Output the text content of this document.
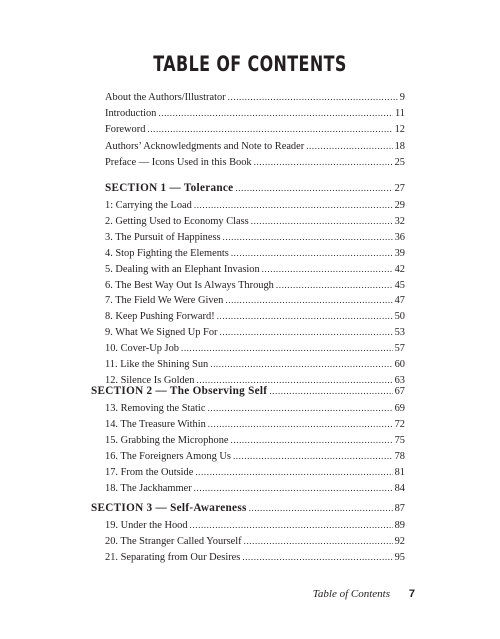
TABLE OF CONTENTS
About the Authors/Illustrator .....	9
Introduction .....	11
Foreword .....	12
Authors’ Acknowledgments and Note to Reader .....	18
Preface — Icons Used in this Book .....	25
SECTION 1 — Tolerance .....	27
1: Carrying the Load .....	29
2. Getting Used to Economy Class .....	32
3. The Pursuit of Happiness .....	36
4. Stop Fighting the Elements .....	39
5. Dealing with an Elephant Invasion .....	42
6. The Best Way Out Is Always Through .....	45
7. The Field We Were Given .....	47
8. Keep Pushing Forward! .....	50
9. What We Signed Up For .....	53
10. Cover-Up Job .....	57
11. Like the Shining Sun .....	60
12. Silence Is Golden .....	63
SECTION 2 — The Observing Self .....	67
13. Removing the Static .....	69
14. The Treasure Within .....	72
15. Grabbing the Microphone .....	75
16. The Foreigners Among Us .....	78
17. From the Outside .....	81
18. The Jackhammer .....	84
SECTION 3 — Self-Awareness .....	87
19. Under the Hood .....	89
20. The Stranger Called Yourself .....	92
21. Separating from Our Desires .....	95
Table of Contents 7
